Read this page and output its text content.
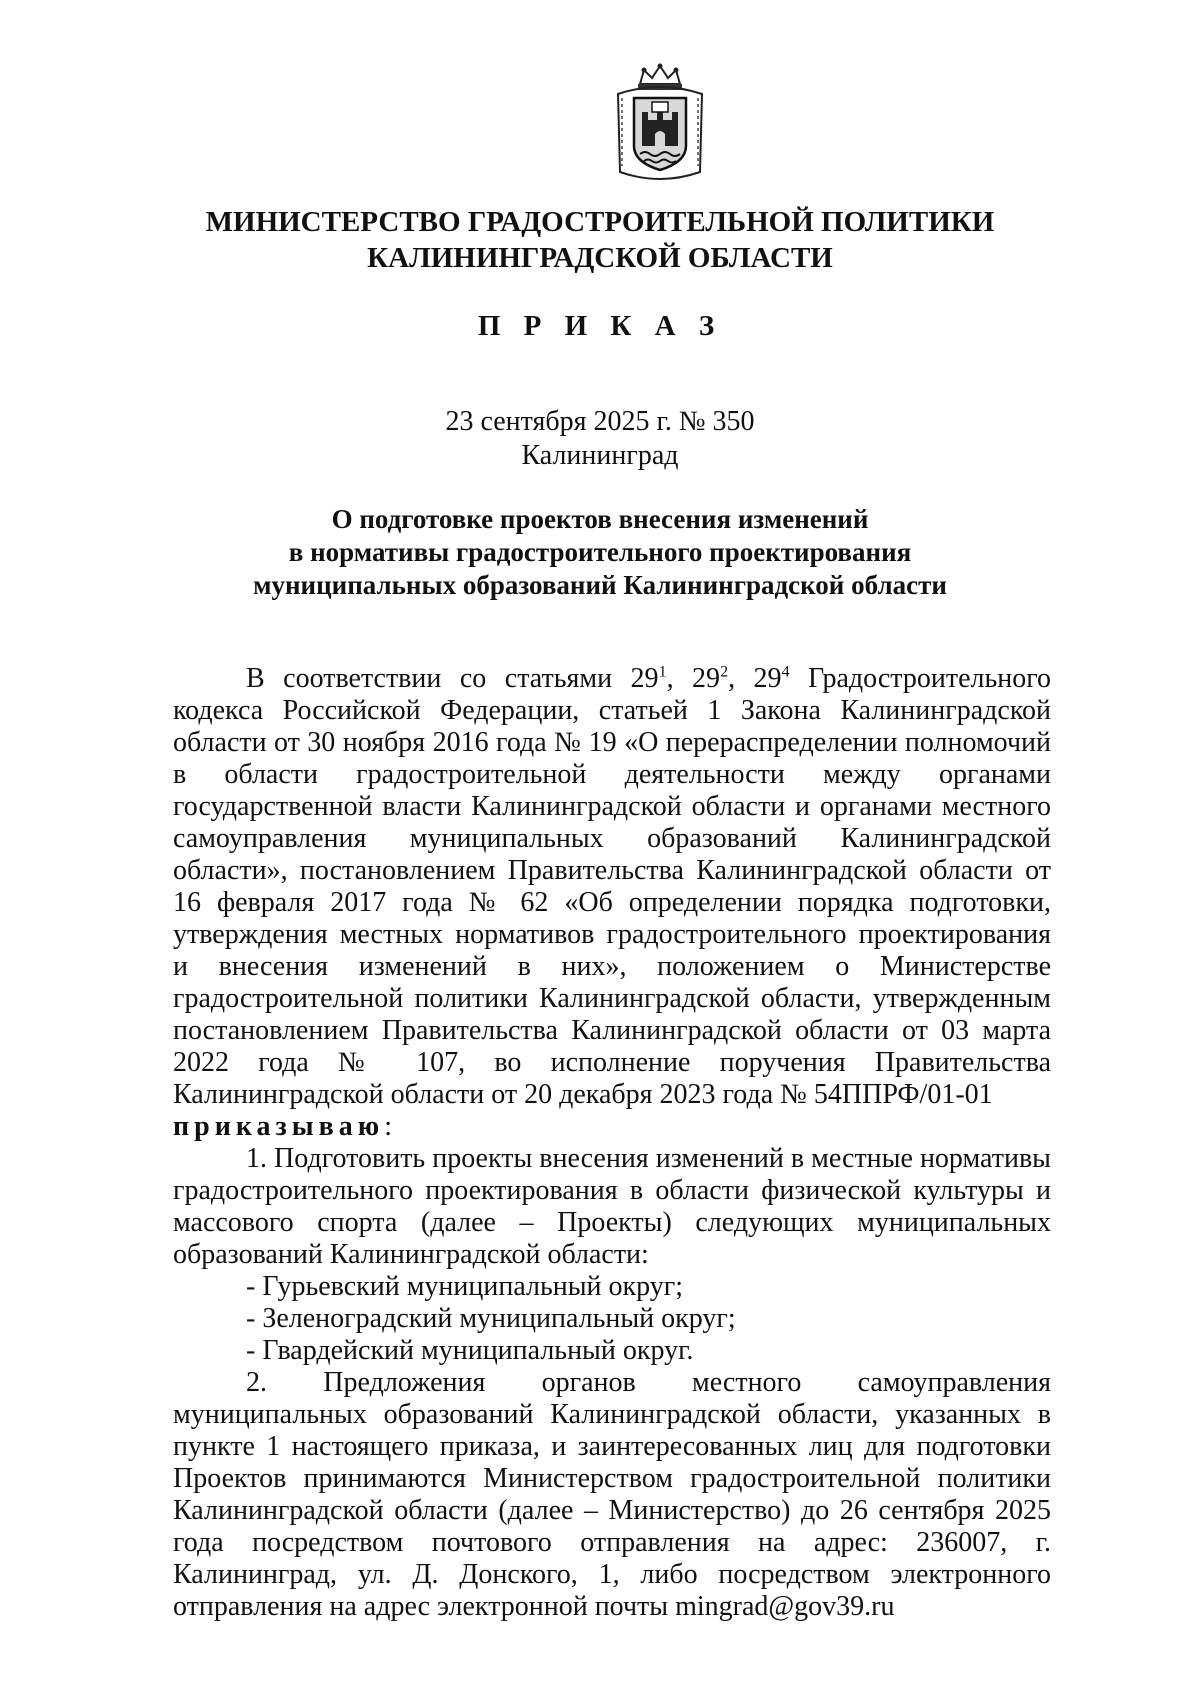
МИНИСТЕРСТВО ГРАДОСТРОИТЕЛЬНОЙ ПОЛИТИКИ
КАЛИНИНГРАДСКОЙ ОБЛАСТИ
П Р И К А З
23 сентября 2025 г. № 350
Калининград
О подготовке проектов внесения изменений
в нормативы градостроительного проектирования
муниципальных образований Калининградской области

В соответствии со статьями $29^1$, $29^2$, $29^4$ Градостроительного кодекса Российской Федерации, статьей 1 Закона Калининградской области от 30 ноября 2016 года № 19 «О перераспределении полномочий в области градостроительной деятельности между органами государственной власти Калининградской области и органами местного самоуправления муниципальных образований Калининградской области», постановлением Правительства Калининградской области от 16 февраля 2017 года № 62 «Об определении порядка подготовки, утверждения местных нормативов градостроительного проектирования и внесения изменений в них», положением о Министерстве градостроительной политики Калининградской области, утвержденным постановлением Правительства Калининградской области от 03 марта 2022 года № 107, во исполнение поручения Правительства Калининградской области от 20 декабря 2023 года № 54ППРФ/01-01

приказываю:

1. Подготовить проекты внесения изменений в местные нормативы градостроительного проектирования в области физической культуры и массового спорта (далее – Проекты) следующих муниципальных образований Калининградской области:

- Гурьевский муниципальный округ;

- Зеленоградский муниципальный округ;

- Гвардейский муниципальный округ.

2. Предложения органов местного самоуправления муниципальных образований Калининградской области, указанных в пункте 1 настоящего приказа, и заинтересованных лиц для подготовки Проектов принимаются Министерством градостроительной политики Калининградской области (далее – Министерство) до 26 сентября 2025 года посредством почтового отправления на адрес: 236007, г. Калининград, ул. Д. Донского, 1, либо посредством электронного отправления на адрес электронной почты mingrad@gov39.ru
